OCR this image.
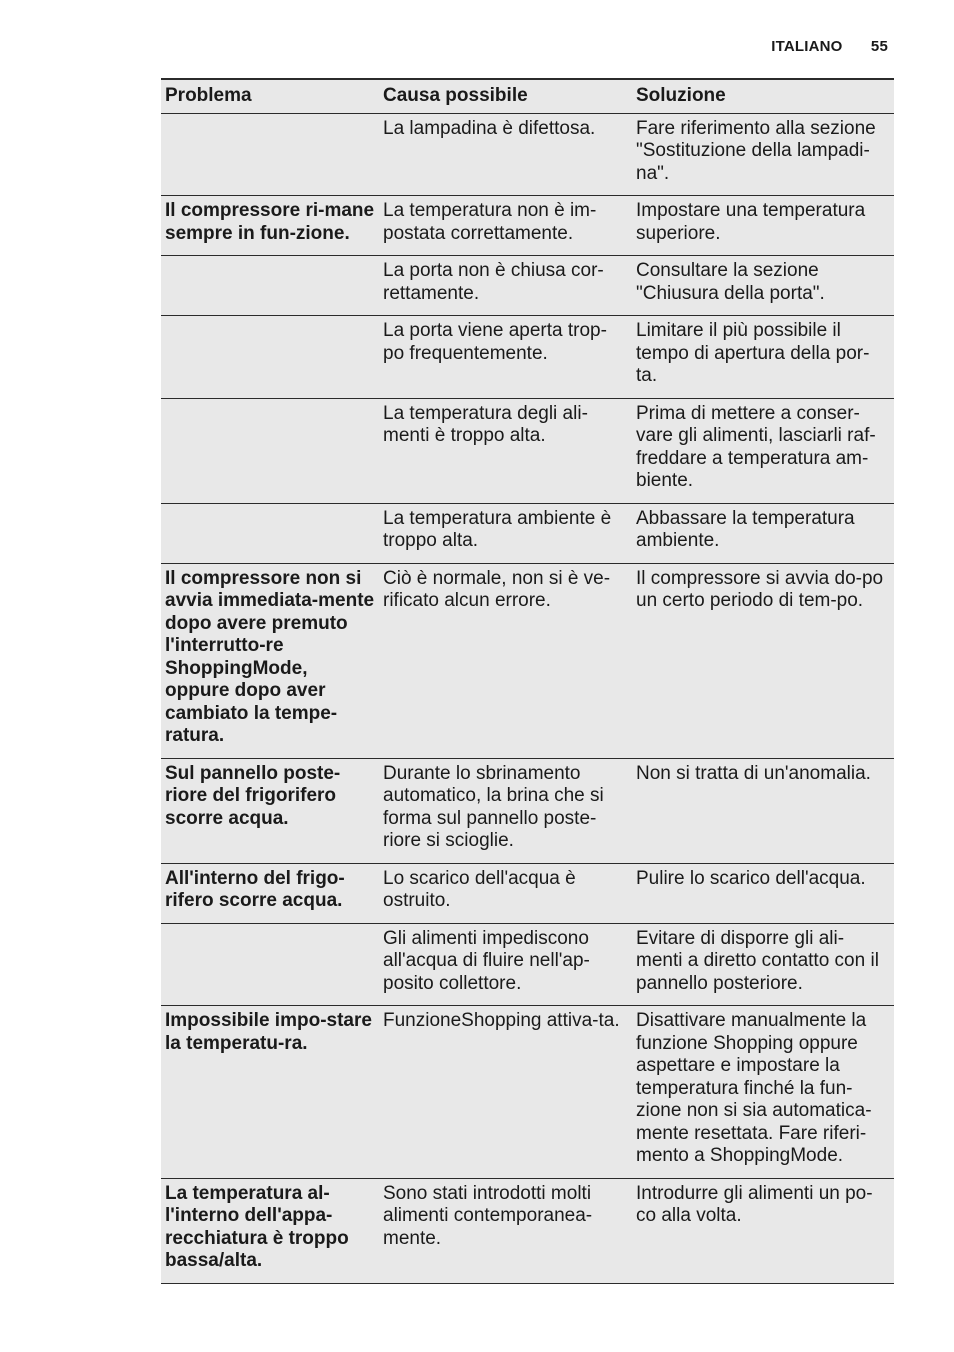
ITALIANO 55
Problema	Causa possibile	Soluzione
	La lampadina è difettosa.	Fare riferimento alla sezione "Sostituzione della lampadi-na".
Il compressore ri-mane sempre in fun-zione.	La temperatura non è im-postata correttamente.	Impostare una temperatura superiore.
	La porta non è chiusa cor-rettamente.	Consultare la sezione "Chiusura della porta".
	La porta viene aperta trop-po frequentemente.	Limitare il più possibile il tempo di apertura della por-ta.
	La temperatura degli ali-menti è troppo alta.	Prima di mettere a conser-vare gli alimenti, lasciarli raf-freddare a temperatura am-biente.
	La temperatura ambiente è troppo alta.	Abbassare la temperatura ambiente.
Il compressore non si avvia immediata-mente dopo avere premuto l'interrutto-re ShoppingMode, oppure dopo aver cambiato la tempe-ratura.	Ciò è normale, non si è ve-rificato alcun errore.	Il compressore si avvia do-po un certo periodo di tem-po.
Sul pannello poste-riore del frigorifero scorre acqua.	Durante lo sbrinamento automatico, la brina che si forma sul pannello poste-riore si scioglie.	Non si tratta di un'anomalia.
All'interno del frigo-rifero scorre acqua.	Lo scarico dell'acqua è ostruito.	Pulire lo scarico dell'acqua.
	Gli alimenti impediscono all'acqua di fluire nell'ap-posito collettore.	Evitare di disporre gli ali-menti a diretto contatto con il pannello posteriore.
Impossibile impo-stare la temperatu-ra.	FunzioneShopping attiva-ta.	Disattivare manualmente la funzione Shopping oppure aspettare e impostare la temperatura finché la fun-zione non si sia automatica-mente resettata. Fare riferi-mento a ShoppingMode.
La temperatura al-l'interno dell'appa-recchiatura è troppo bassa/alta.	Sono stati introdotti molti alimenti contemporanea-mente.	Introdurre gli alimenti un po-co alla volta.
